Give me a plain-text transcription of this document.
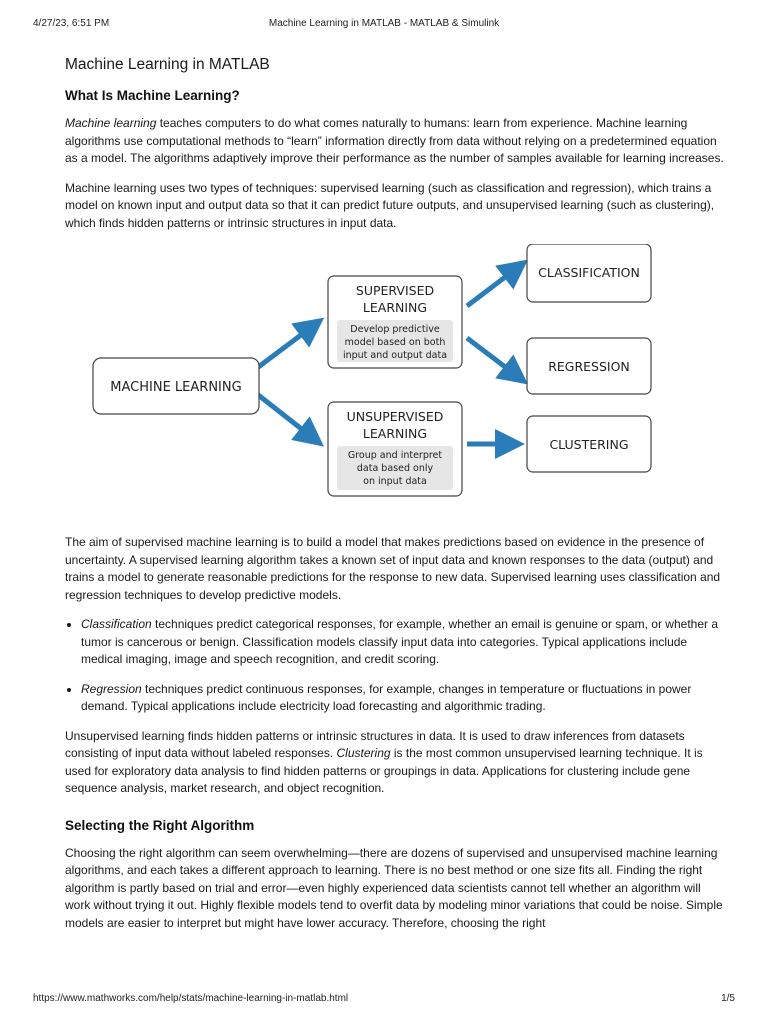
4/27/23, 6:51 PM	Machine Learning in MATLAB - MATLAB & Simulink
Machine Learning in MATLAB
What Is Machine Learning?

Machine learning teaches computers to do what comes naturally to humans: learn from experience. Machine learning algorithms use computational methods to “learn” information directly from data without relying on a predetermined equation as a model. The algorithms adaptively improve their performance as the number of samples available for learning increases.

Machine learning uses two types of techniques: supervised learning (such as classification and regression), which trains a model on known input and output data so that it can predict future outputs, and unsupervised learning (such as clustering), which finds hidden patterns or intrinsic structures in input data.

MACHINE LEARNING
SUPERVISED
LEARNING
Develop predictive
model based on both
input and output data
UNSUPERVISED
LEARNING
Group and interpret
data based only
on input data
CLASSIFICATION
REGRESSION
CLUSTERING

The aim of supervised machine learning is to build a model that makes predictions based on evidence in the presence of uncertainty. A supervised learning algorithm takes a known set of input data and known responses to the data (output) and trains a model to generate reasonable predictions for the response to new data. Supervised learning uses classification and regression techniques to develop predictive models.

• Classification techniques predict categorical responses, for example, whether an email is genuine or spam, or whether a tumor is cancerous or benign. Classification models classify input data into categories. Typical applications include medical imaging, image and speech recognition, and credit scoring.
• Regression techniques predict continuous responses, for example, changes in temperature or fluctuations in power demand. Typical applications include electricity load forecasting and algorithmic trading.

Unsupervised learning finds hidden patterns or intrinsic structures in data. It is used to draw inferences from datasets consisting of input data without labeled responses. Clustering is the most common unsupervised learning technique. It is used for exploratory data analysis to find hidden patterns or groupings in data. Applications for clustering include gene sequence analysis, market research, and object recognition.

Selecting the Right Algorithm

Choosing the right algorithm can seem overwhelming—there are dozens of supervised and unsupervised machine learning algorithms, and each takes a different approach to learning. There is no best method or one size fits all. Finding the right algorithm is partly based on trial and error—even highly experienced data scientists cannot tell whether an algorithm will work without trying it out. Highly flexible models tend to overfit data by modeling minor variations that could be noise. Simple models are easier to interpret but might have lower accuracy. Therefore, choosing the right

https://www.mathworks.com/help/stats/machine-learning-in-matlab.html	1/5
